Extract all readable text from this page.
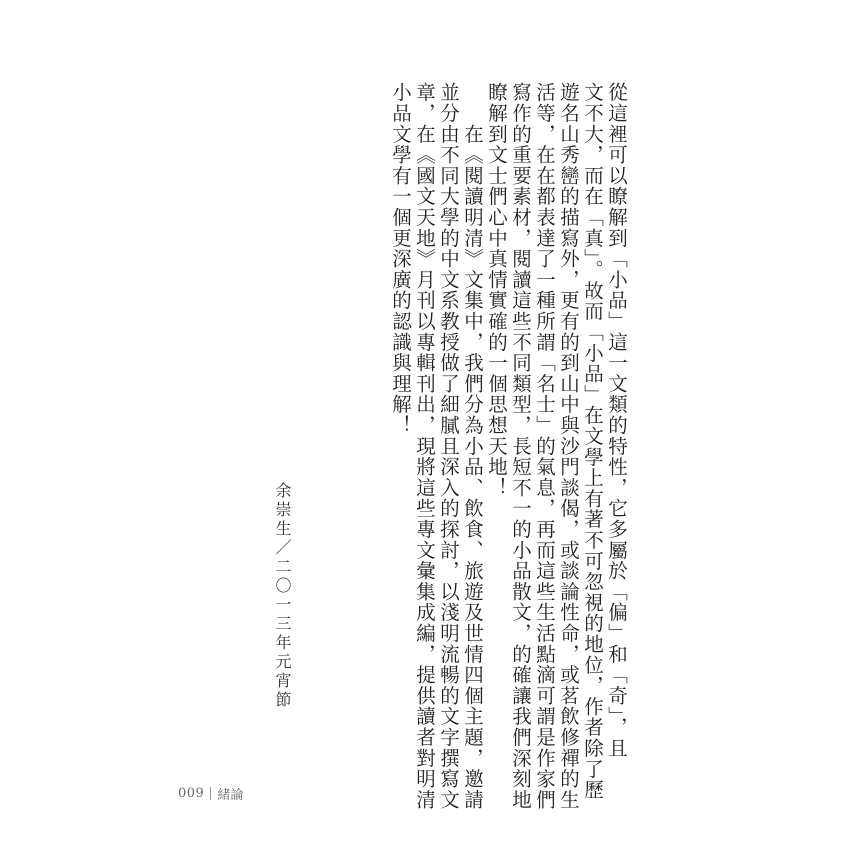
從這裡可以瞭解到「小品」這一文類的特性，它多屬於「偏」和「奇」，且

文不大，而在「真」。故而「小品」在文學上有著不可忽視的地位，作者除了歷

遊名山秀巒的描寫外，更有的到山中與沙門談偈，或談論性命，或茗飲修禪的生

活等，在在都表達了一種所謂「名士」的氣息，再而這些生活點滴可謂是作家們

寫作的重要素材，閱讀這些不同類型，長短不一的小品散文，的確讓我們深刻地

瞭解到文士們心中真情實確的一個思想天地！

　　在《閱讀明清》文集中，我們分為小品、飲食、旅遊及世情四個主題，邀請

並分由不同大學的中文系教授做了細膩且深入的探討，以淺明流暢的文字撰寫文

章，在《國文天地》月刊以專輯刊出，現將這些專文彙集成編，提供讀者對明清

小品文學有一個更深廣的認識與理解！

余崇生／二〇一三年元宵節
009 緒論
